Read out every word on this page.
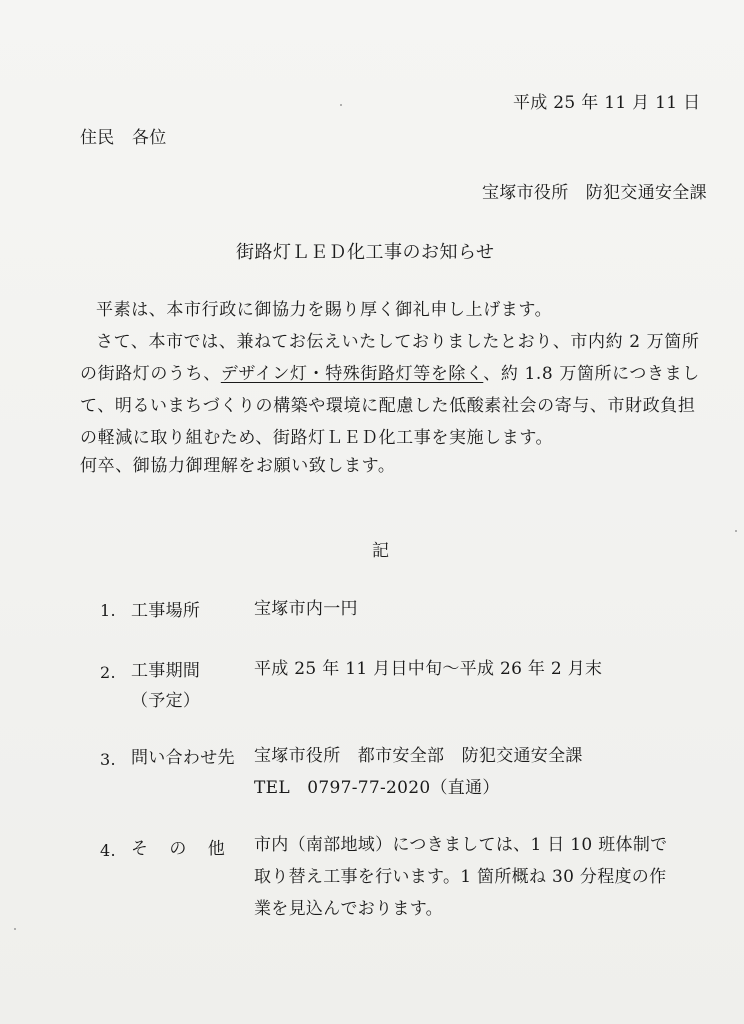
平成 25 年 11 月 11 日
住民　各位
宝塚市役所　防犯交通安全課
街路灯ＬＥＤ化工事のお知らせ
平素は、本市行政に御協力を賜り厚く御礼申し上げます。
さて、本市では、兼ねてお伝えいたしておりましたとおり、市内約 2 万箇所
の街路灯のうち、デザイン灯・特殊街路灯等を除く、約 1.8 万箇所につきまし
て、明るいまちづくりの構築や環境に配慮した低酸素社会の寄与、市財政負担
の軽減に取り組むため、街路灯ＬＥＤ化工事を実施します。
何卒、御協力御理解をお願い致します。
記
1. 工事場所	宝塚市内一円
2. 工事期間
（予定）
平成 25 年 11 月日中旬～平成 26 年 2 月末
3. 問い合わせ先 宝塚市役所　都市安全部　防犯交通安全課
TEL　0797-77-2020（直通）
4. そ の 他 市内（南部地域）につきましては、1 日 10 班体制で
取り替え工事を行います。1 箇所概ね 30 分程度の作
業を見込んでおります。
